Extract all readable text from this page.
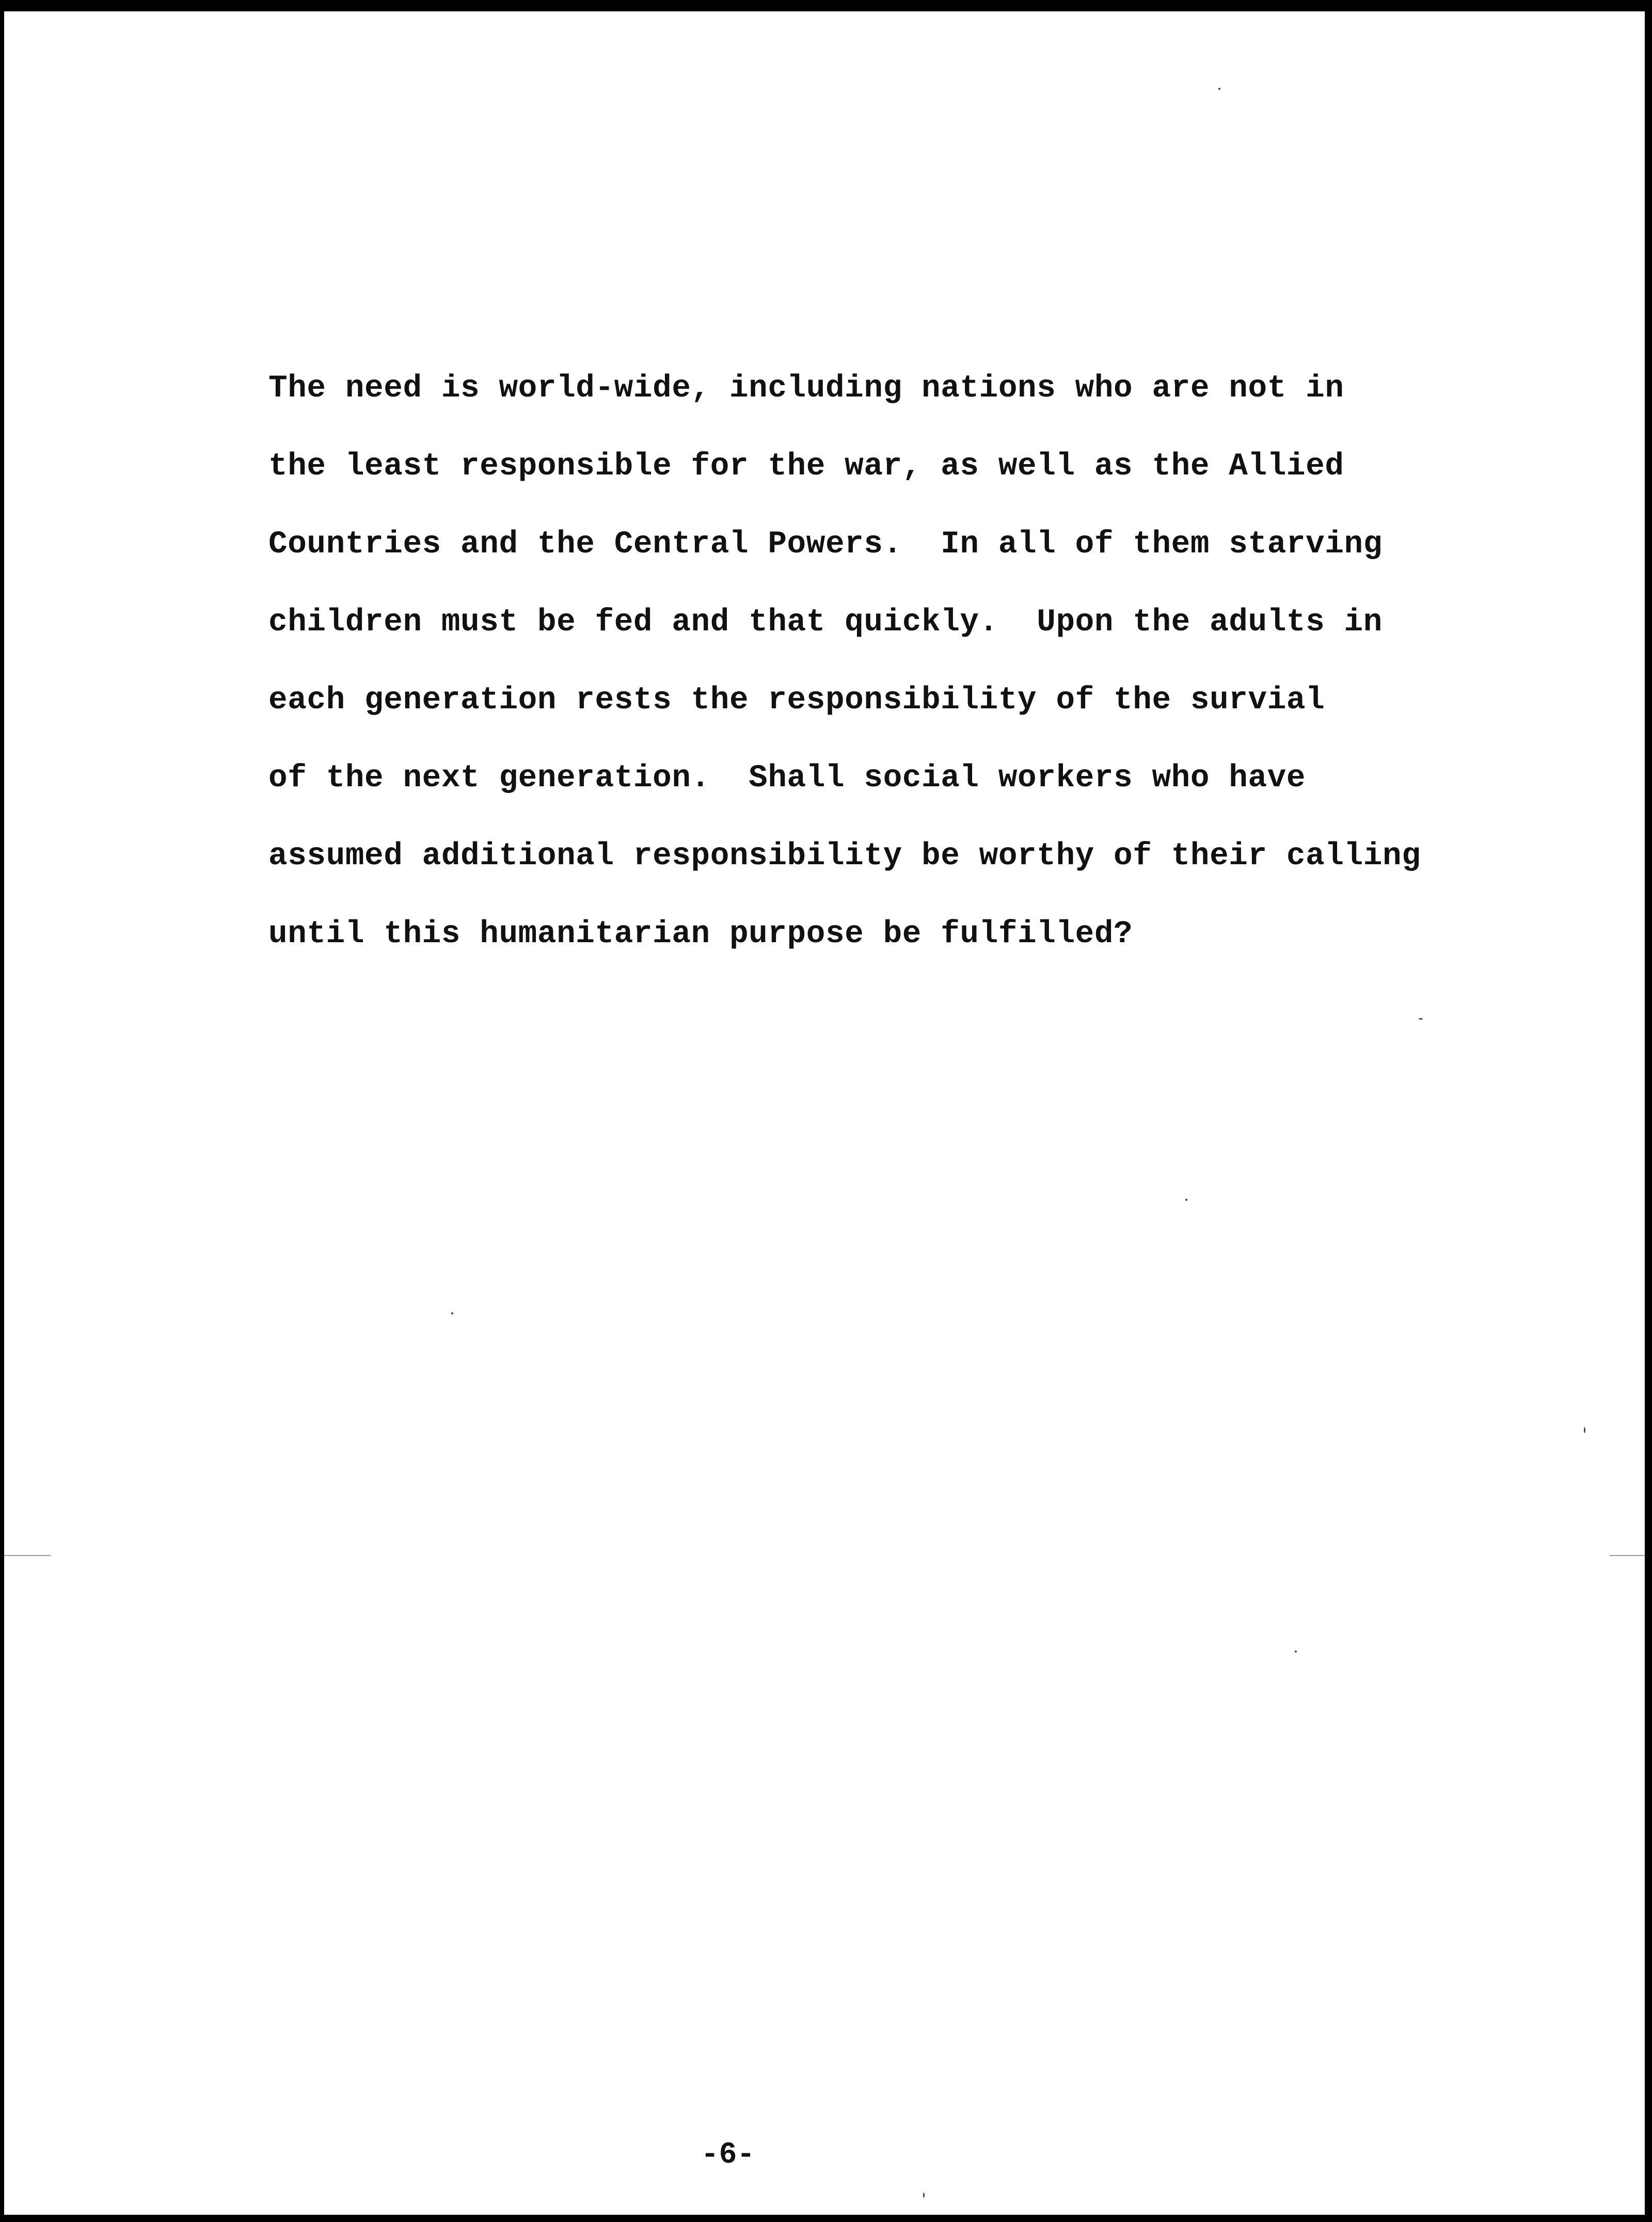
The need is world-wide, including nations who are not in
the least responsible for the war, as well as the Allied
Countries and the Central Powers.  In all of them starving
children must be fed and that quickly.  Upon the adults in
each generation rests the responsibility of the survial
of the next generation.  Shall social workers who have
assumed additional responsibility be worthy of their calling
until this humanitarian purpose be fulfilled?

-6-
